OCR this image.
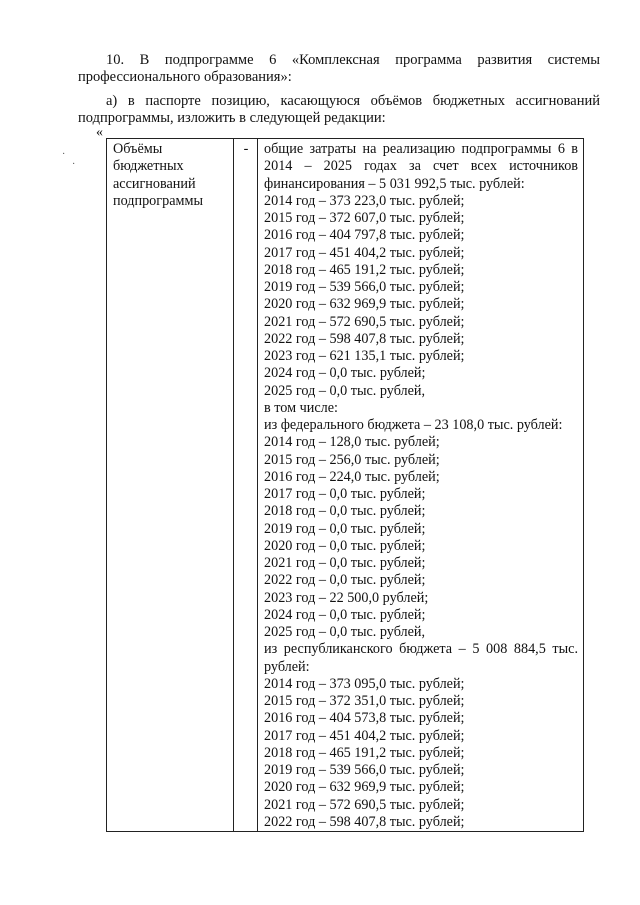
10. В подпрограмме 6 «Комплексная программа развития системы профессионального образования»:
а) в паспорте позицию, касающуюся объёмов бюджетных ассигнований подпрограммы, изложить в следующей редакции:
«
·
·
Объёмы
бюджетных
ассигнований
подпрограммы
	-	общие затраты на реализацию подпрограммы 6 в 2014 – 2025 годах за счет всех источников финансирования – 5 031 992,5 тыс. рублей:
2014 год – 373 223,0 тыс. рублей;
2015 год – 372 607,0 тыс. рублей;
2016 год – 404 797,8 тыс. рублей;
2017 год – 451 404,2 тыс. рублей;
2018 год – 465 191,2 тыс. рублей;
2019 год – 539 566,0 тыс. рублей;
2020 год – 632 969,9 тыс. рублей;
2021 год – 572 690,5 тыс. рублей;
2022 год – 598 407,8 тыс. рублей;
2023 год – 621 135,1 тыс. рублей;
2024 год – 0,0 тыс. рублей;
2025 год – 0,0 тыс. рублей,
в том числе:
из федерального бюджета – 23 108,0 тыс. рублей:
2014 год – 128,0 тыс. рублей;
2015 год – 256,0 тыс. рублей;
2016 год – 224,0 тыс. рублей;
2017 год – 0,0 тыс. рублей;
2018 год – 0,0 тыс. рублей;
2019 год – 0,0 тыс. рублей;
2020 год – 0,0 тыс. рублей;
2021 год – 0,0 тыс. рублей;
2022 год – 0,0 тыс. рублей;
2023 год – 22 500,0 рублей;
2024 год – 0,0 тыс. рублей;
2025 год – 0,0 тыс. рублей,
из республиканского бюджета – 5 008 884,5 тыс. рублей:
2014 год – 373 095,0 тыс. рублей;
2015 год – 372 351,0 тыс. рублей;
2016 год – 404 573,8 тыс. рублей;
2017 год – 451 404,2 тыс. рублей;
2018 год – 465 191,2 тыс. рублей;
2019 год – 539 566,0 тыс. рублей;
2020 год – 632 969,9 тыс. рублей;
2021 год – 572 690,5 тыс. рублей;
2022 год – 598 407,8 тыс. рублей;
